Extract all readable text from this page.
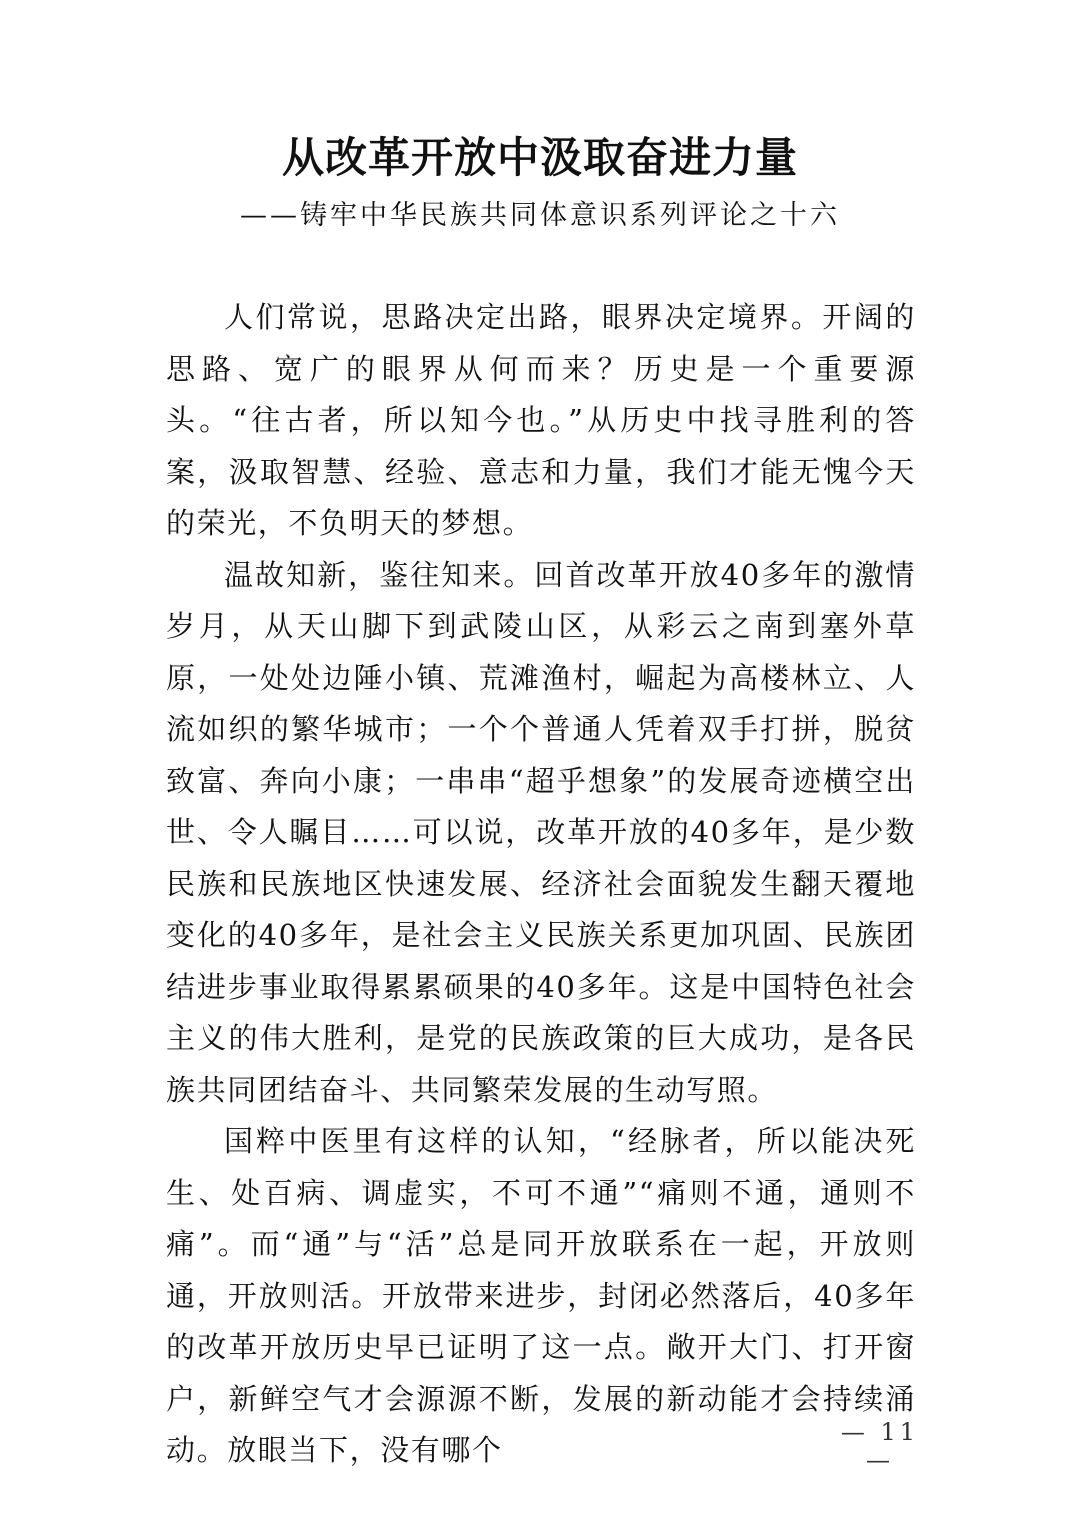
从改革开放中汲取奋进力量
——铸牢中华民族共同体意识系列评论之十六

人们常说，思路决定出路，眼界决定境界。开阔的思路、宽广的眼界从何而来？历史是一个重要源头。“往古者，所以知今也。”从历史中找寻胜利的答案，汲取智慧、经验、意志和力量，我们才能无愧今天的荣光，不负明天的梦想。

温故知新，鉴往知来。回首改革开放40多年的激情岁月，从天山脚下到武陵山区，从彩云之南到塞外草原，一处处边陲小镇、荒滩渔村，崛起为高楼林立、人流如织的繁华城市；一个个普通人凭着双手打拼，脱贫致富、奔向小康；一串串“超乎想象”的发展奇迹横空出世、令人瞩目……可以说，改革开放的40多年，是少数民族和民族地区快速发展、经济社会面貌发生翻天覆地变化的40多年，是社会主义民族关系更加巩固、民族团结进步事业取得累累硕果的40多年。这是中国特色社会主义的伟大胜利，是党的民族政策的巨大成功，是各民族共同团结奋斗、共同繁荣发展的生动写照。

国粹中医里有这样的认知，“经脉者，所以能决死生、处百病、调虚实，不可不通”“痛则不通，通则不痛”。而“通”与“活”总是同开放联系在一起，开放则通，开放则活。开放带来进步，封闭必然落后，40多年的改革开放历史早已证明了这一点。敞开大门、打开窗户，新鲜空气才会源源不断，发展的新动能才会持续涌动。放眼当下，没有哪个

— 11 —
